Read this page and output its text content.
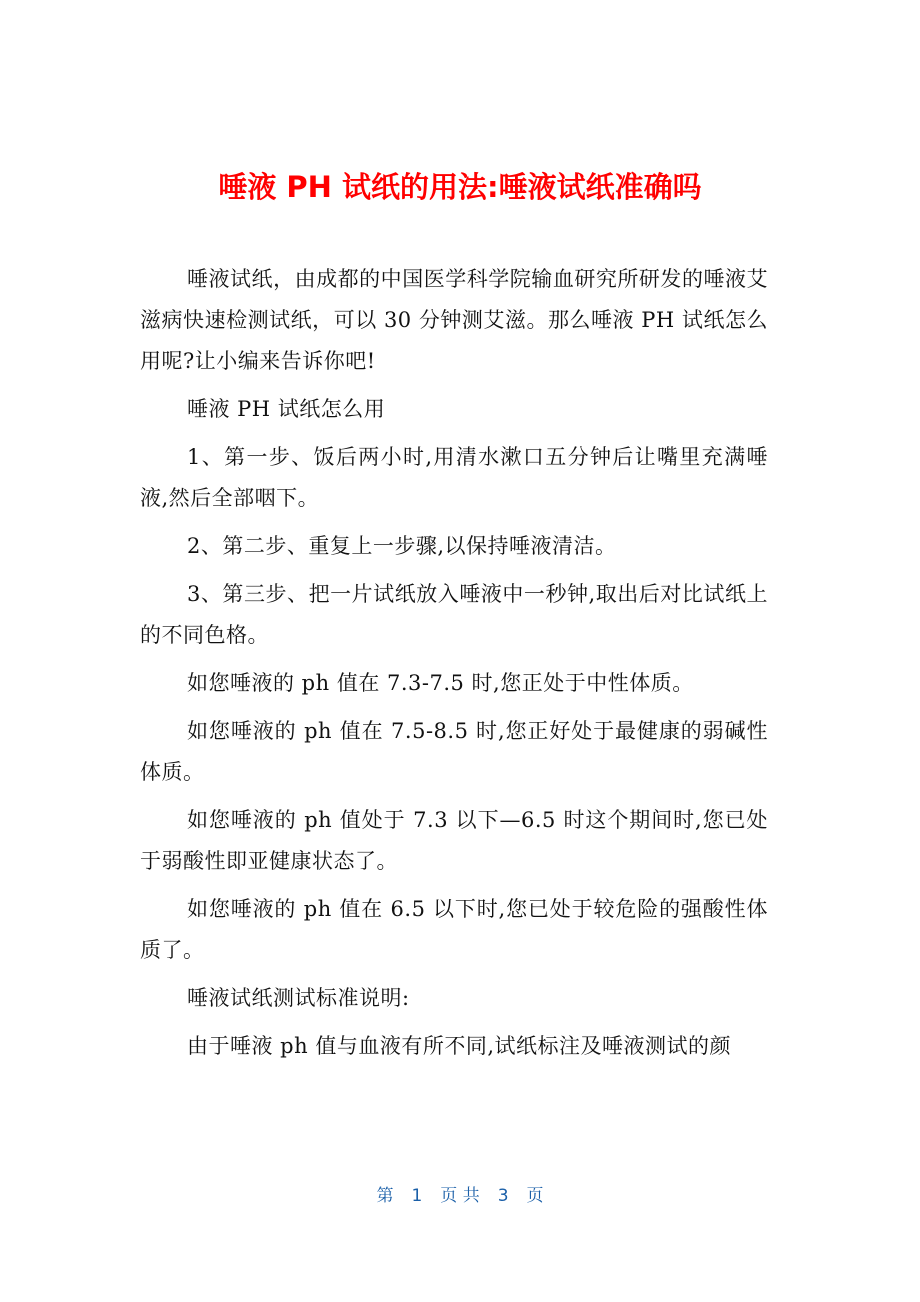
唾液 PH 试纸的用法:唾液试纸准确吗

唾液试纸，由成都的中国医学科学院输血研究所研发的唾液艾滋病快速检测试纸，可以 30 分钟测艾滋。那么唾液 PH 试纸怎么用呢?让小编来告诉你吧!

唾液 PH 试纸怎么用

1、第一步、饭后两小时,用清水漱口五分钟后让嘴里充满唾液,然后全部咽下。

2、第二步、重复上一步骤,以保持唾液清洁。

3、第三步、把一片试纸放入唾液中一秒钟,取出后对比试纸上的不同色格。

如您唾液的 ph 值在 7.3-7.5 时,您正处于中性体质。

如您唾液的 ph 值在 7.5-8.5 时,您正好处于最健康的弱碱性体质。

如您唾液的 ph 值处于 7.3 以下—6.5 时这个期间时,您已处于弱酸性即亚健康状态了。

如您唾液的 ph 值在 6.5 以下时,您已处于较危险的强酸性体质了。

唾液试纸测试标准说明:

由于唾液 ph 值与血液有所不同,试纸标注及唾液测试的颜

第 1 页 共 3 页
